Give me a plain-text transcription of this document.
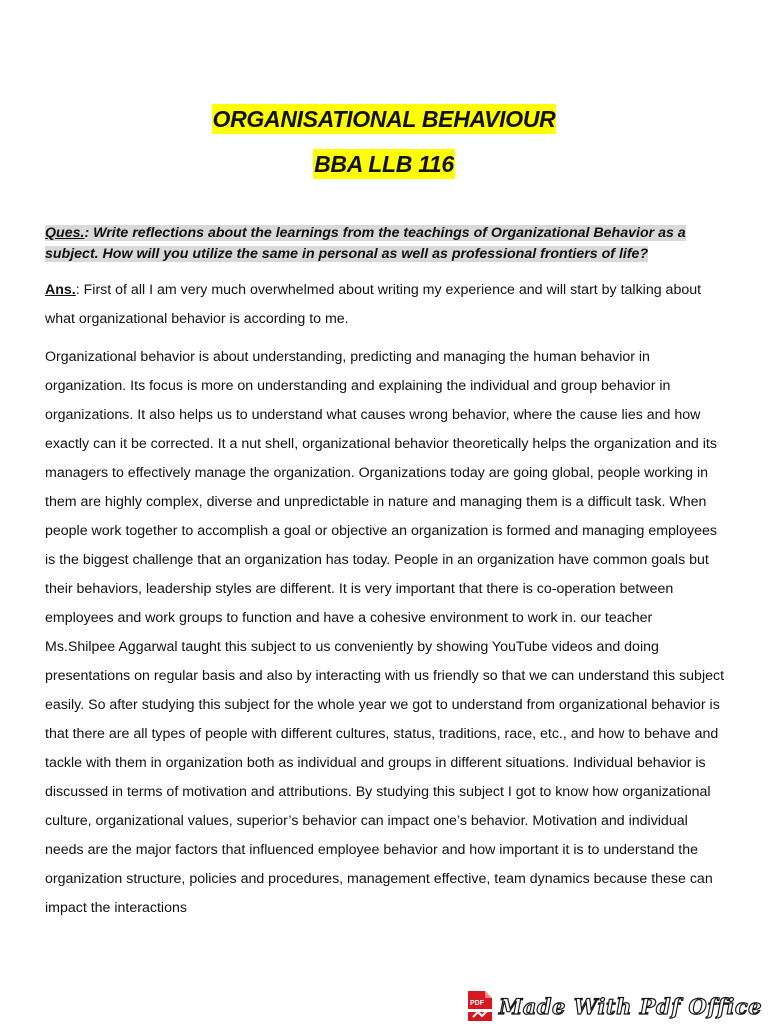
ORGANISATIONAL BEHAVIOUR
BBA LLB 116
Ques.: Write reflections about the learnings from the teachings of Organizational Behavior as a subject. How will you utilize the same in personal as well as professional frontiers of life?
Ans.: First of all I am very much overwhelmed about writing my experience and will start by talking about what organizational behavior is according to me.
Organizational behavior is about understanding, predicting and managing the human behavior in organization. Its focus is more on understanding and explaining the individual and group behavior in organizations. It also helps us to understand what causes wrong behavior, where the cause lies and how exactly can it be corrected. It a nut shell, organizational behavior theoretically helps the organization and its managers to effectively manage the organization. Organizations today are going global, people working in them are highly complex, diverse and unpredictable in nature and managing them is a difficult task. When people work together to accomplish a goal or objective an organization is formed and managing employees is the biggest challenge that an organization has today. People in an organization have common goals but their behaviors, leadership styles are different. It is very important that there is co-operation between employees and work groups to function and have a cohesive environment to work in. our teacher Ms.Shilpee Aggarwal taught this subject to us conveniently by showing YouTube videos and doing presentations on regular basis and also by interacting with us friendly so that we can understand this subject easily. So after studying this subject for the whole year we got to understand from organizational behavior is that there are all types of people with different cultures, status, traditions, race, etc., and how to behave and tackle with them in organization both as individual and groups in different situations. Individual behavior is discussed in terms of motivation and attributions. By studying this subject I got to know how organizational culture, organizational values, superior’s behavior can impact one’s behavior. Motivation and individual needs are the major factors that influenced employee behavior and how important it is to understand the organization structure, policies and procedures, management effective, team dynamics because these can impact the interactions
PDF Made With Pdf Office
